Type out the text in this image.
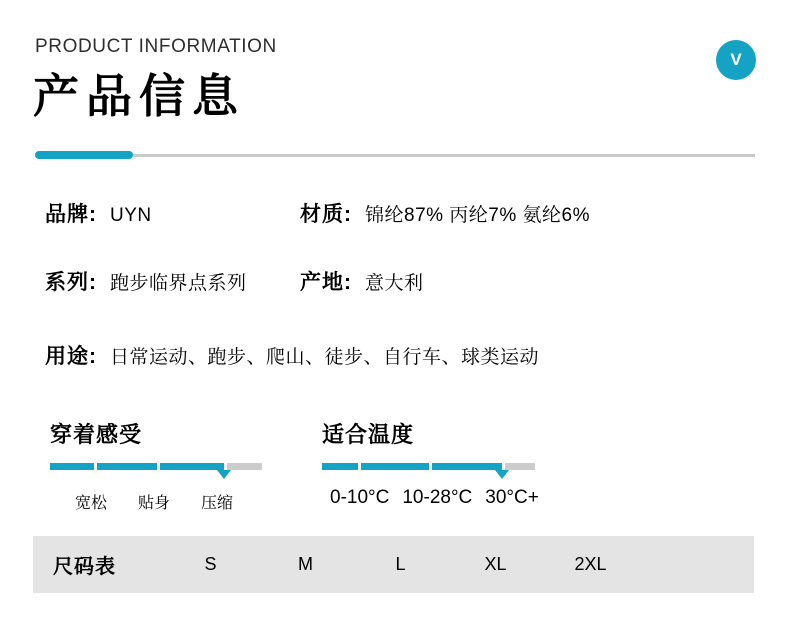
PRODUCT INFORMATION
产品信息
V
品牌: UYN	材质: 锦纶87% 丙纶7% 氨纶6%
系列: 跑步临界点系列	产地: 意大利
用途: 日常运动、跑步、爬山、徒步、自行车、球类运动
穿着感受
宽松 贴身 压缩
适合温度
0-10°C 10-28°C 30°C+
尺码表	S	M	L	XL	2XL
